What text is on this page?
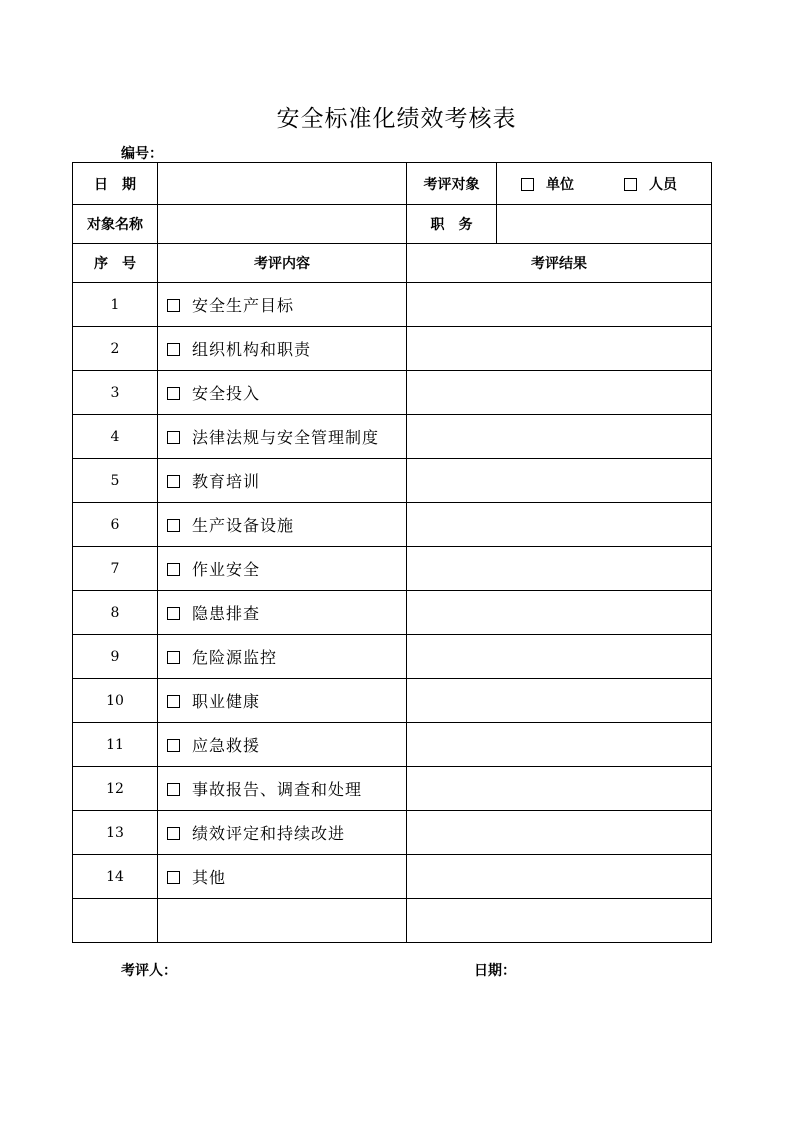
安全标准化绩效考核表
编号：
日　期		考评对象	单位 人员
对象名称		职　务	
序　号	考评内容	考评结果	
1	安全生产目标		
2	组织机构和职责		
3	安全投入		
4	法律法规与安全管理制度		
5	教育培训		
6	生产设备设施		
7	作业安全		
8	隐患排查		
9	危险源监控		
10	职业健康		
11	应急救援		
12	事故报告、调查和处理		
13	绩效评定和持续改进		
14	其他		

考评人：	日期：
